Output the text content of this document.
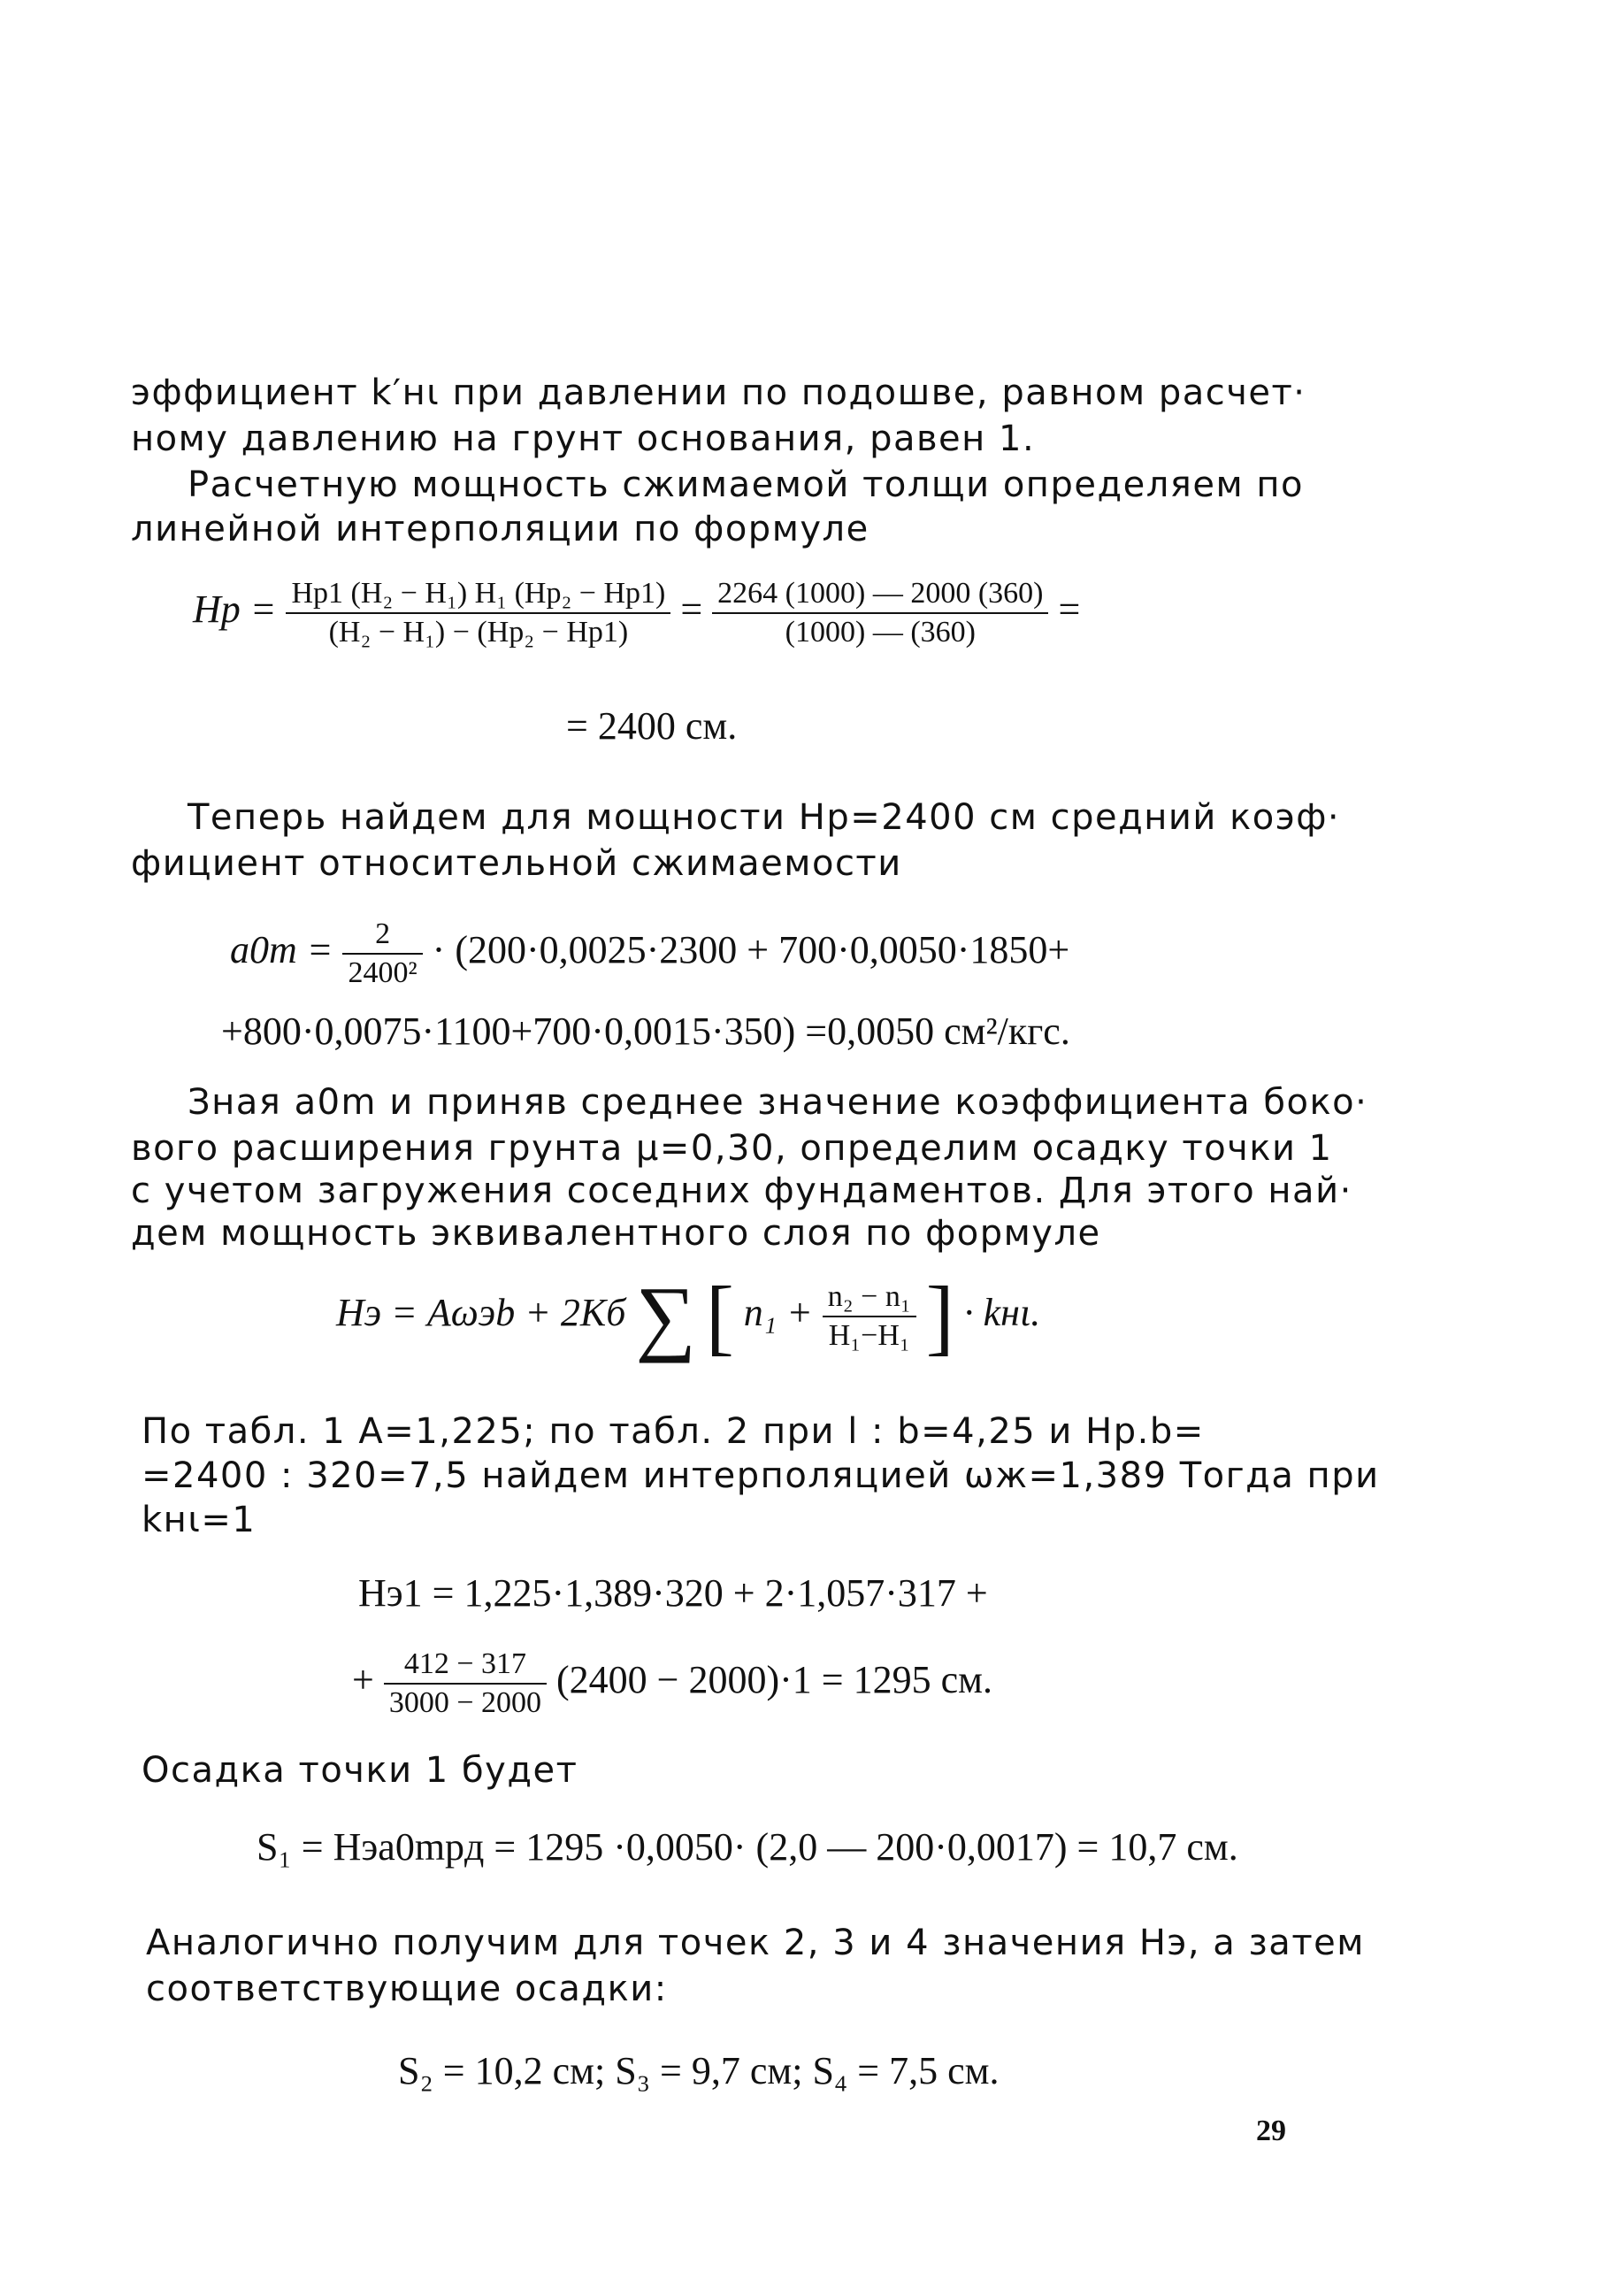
эффициент k′нι при давлении по подошве, равном расчет·
ному давлению на грунт основания, равен 1.
Расчетную мощность сжимаемой толщи определяем по
линейной интерполяции по формуле
Hр = $\frac{\text{Hр1 (H₂ − H₁) H₁ (Hр₂ − Hр1)}}{\text{(H₂ − H₁) − (Hр₂ − Hр1)}} = \frac{2264 (1000) — 2000 (360)}{(1000) — (360)}$ =
= 2400 см.
Теперь найдем для мощности Hр=2400 см средний коэф·
фициент относительной сжимаемости
$a0m = \frac{2}{\text{2400²}} \cdot (200\cdot 0,0025\cdot 2300 + 700\cdot 0,0050\cdot 1850+$
+800·0,0075·1100+700·0,0015·350) =0,0050 см²/кгс.
Зная a0m и приняв среднее значение коэффициента боко·
вого расширения грунта μ=0,30, определим осадку точки 1
с учетом загружения соседних фундаментов. Для этого най·
дем мощность эквивалентного слоя по формуле
Hэ = Aωэb + 2Kб ∑ [ $n_1 + \frac{\text{n₂ − n₁}}{\text{H₁−H₁}}$ ] · kнι.
По табл. 1 A=1,225; по табл. 2 при l : b=4,25 и Hр.b=
=2400 : 320=7,5 найдем интерполяцией ωж=1,389 Тогда при
kнι=1
Hэ1 = 1,225·1,389·320 + 2·1,057·317 +
+ $\frac{412 - 317}{3000 - 2000} (2400 - 2000)\cdot 1 = 1295$ см.
Осадка точки 1 будет
S₁ = Hэa0mpд = 1295 ·0,0050· (2,0 — 200·0,0017) = 10,7 см.
Аналогично получим для точек 2, 3 и 4 значения Hэ, а затем
соответствующие осадки:
S₂ = 10,2 см; S₃ = 9,7 см; S₄ = 7,5 см.
29
